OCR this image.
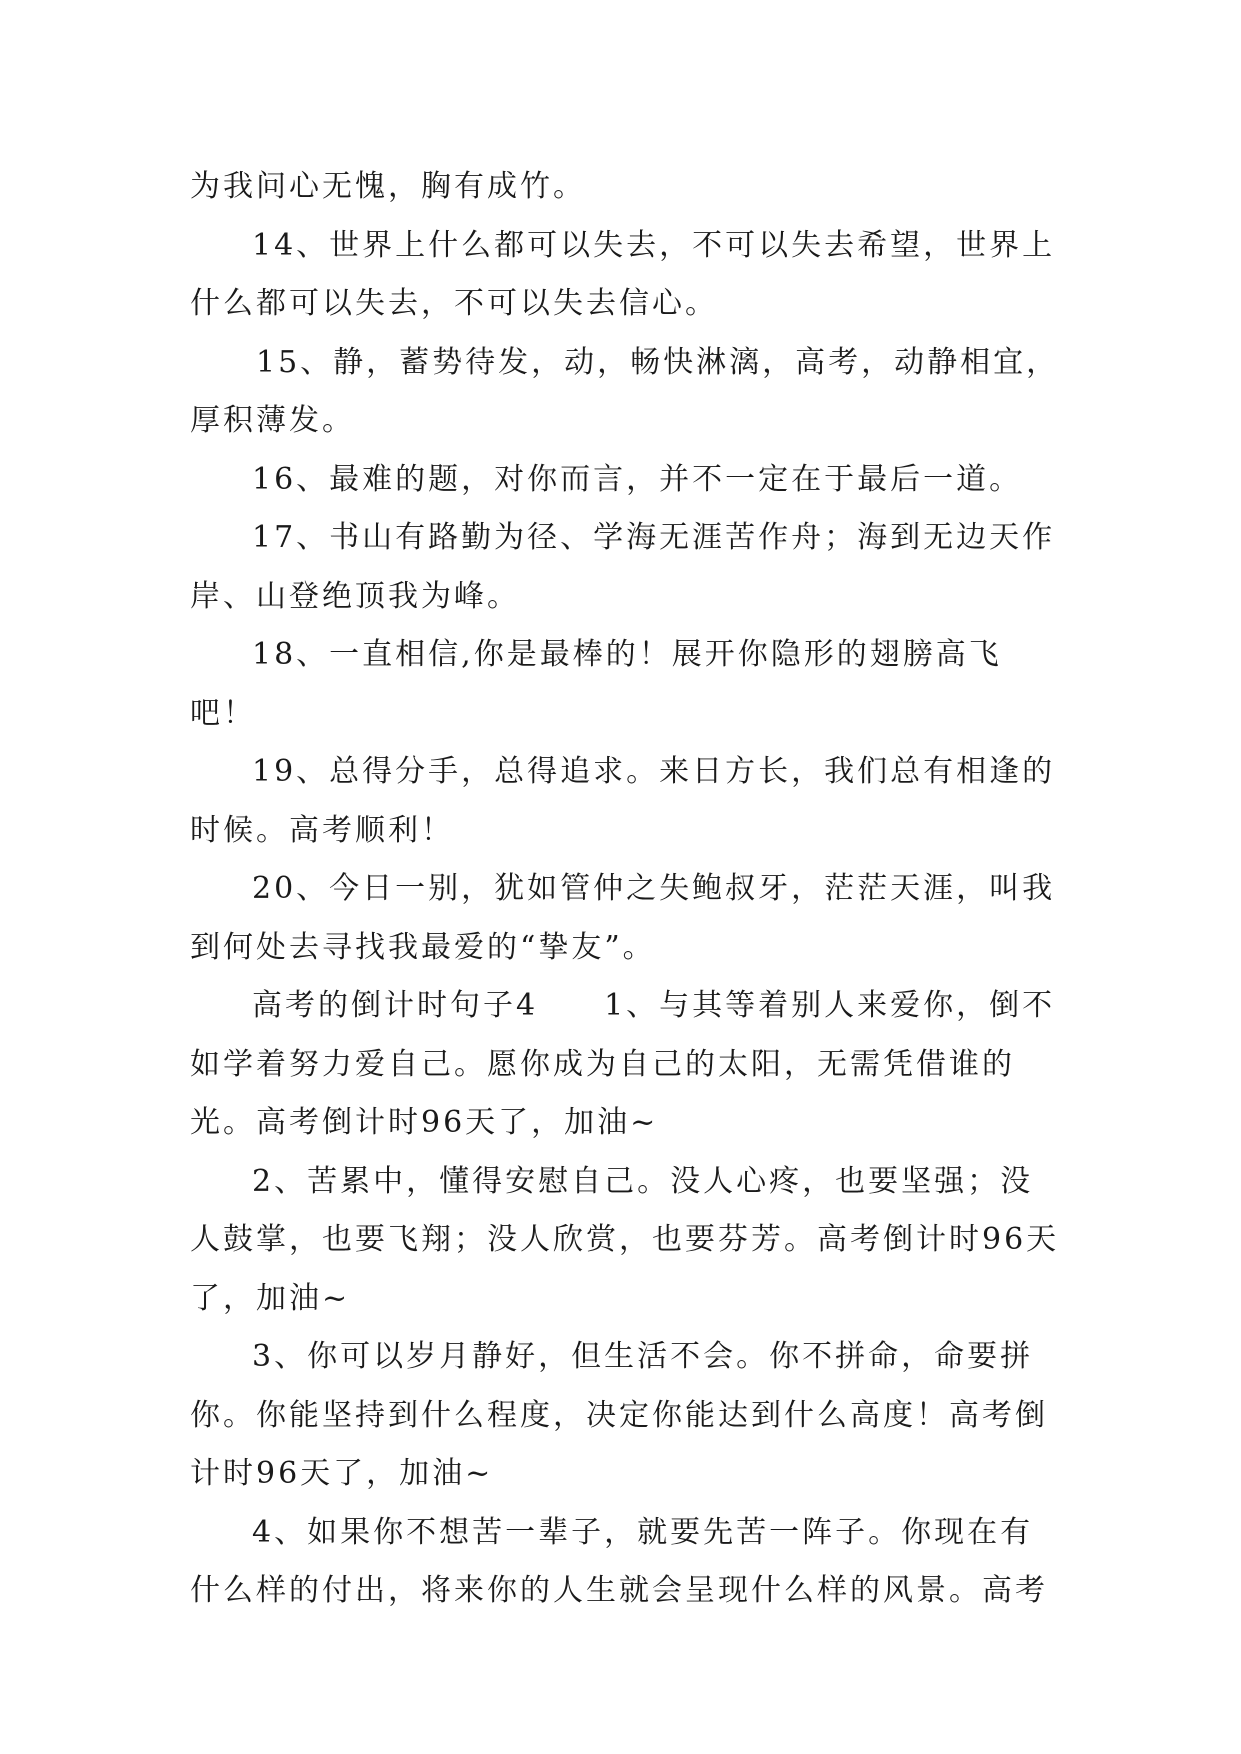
为我问心无愧，胸有成竹。

14、世界上什么都可以失去，不可以失去希望，世界上什么都可以失去，不可以失去信心。

15、静，蓄势待发，动，畅快淋漓，高考，动静相宜，厚积薄发。

16、最难的题，对你而言，并不一定在于最后一道。

17、书山有路勤为径、学海无涯苦作舟；海到无边天作岸、山登绝顶我为峰。

18、一直相信,你是最棒的！展开你隐形的翅膀高飞吧！

19、总得分手，总得追求。来日方长，我们总有相逢的时候。高考顺利！

20、今日一别，犹如管仲之失鲍叔牙，茫茫天涯，叫我到何处去寻找我最爱的“挚友”。

高考的倒计时句子4　　1、与其等着别人来爱你，倒不如学着努力爱自己。愿你成为自己的太阳，无需凭借谁的光。高考倒计时96天了，加油~

2、苦累中，懂得安慰自己。没人心疼，也要坚强；没人鼓掌，也要飞翔；没人欣赏，也要芬芳。高考倒计时96天了，加油~

3、你可以岁月静好，但生活不会。你不拼命，命要拼你。你能坚持到什么程度，决定你能达到什么高度！高考倒计时96天了，加油~

4、如果你不想苦一辈子，就要先苦一阵子。你现在有什么样的付出，将来你的人生就会呈现什么样的风景。高考
